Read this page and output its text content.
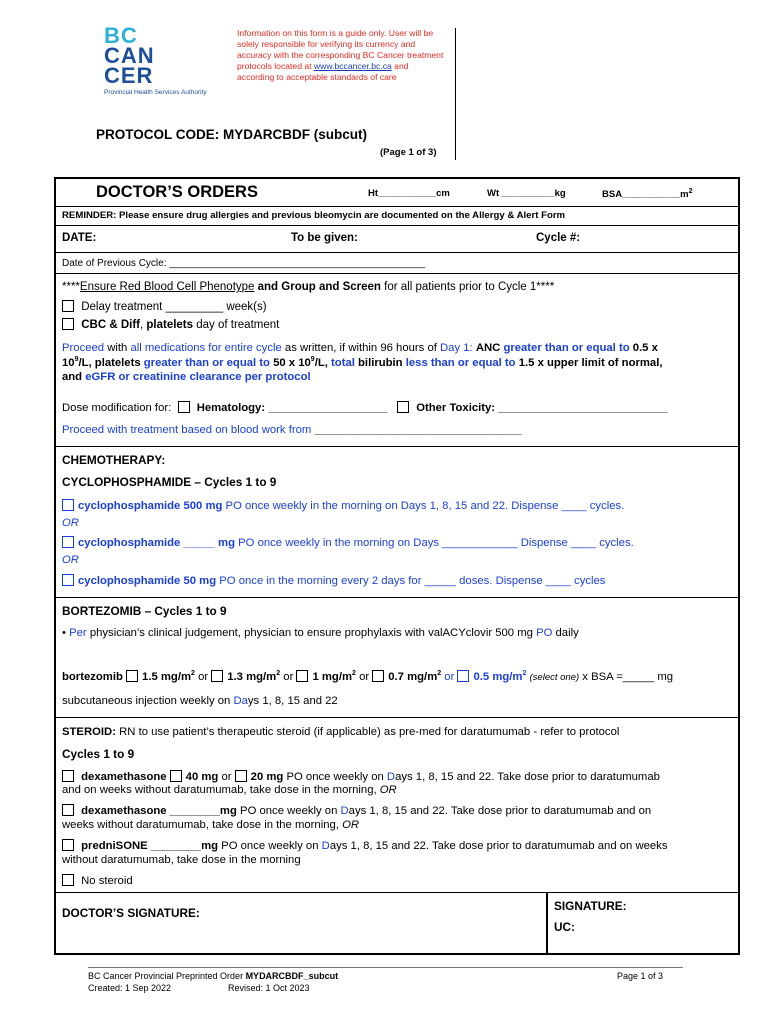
BC
CAN
CER
Provincial Health Services Authority
Information on this form is a guide only. User will be solely responsible for verifying its currency and accuracy with the corresponding BC Cancer treatment protocols located at www.bccancer.bc.ca and according to acceptable standards of care
PROTOCOL CODE: MYDARCBDF (subcut)
(Page 1 of 3)
DOCTOR’S ORDERS	Ht___________cm	Wt __________kg	$BSA\_\_\_\_\_\_\_\_\_\_\_m^2$
REMINDER: Please ensure drug allergies and previous bleomycin are documented on the Allergy & Alert Form
DATE:	To be given:	Cycle #:
Date of Previous Cycle: ______________________________________________
****Ensure Red Blood Cell Phenotype and Group and Screen for all patients prior to Cycle 1****
Delay treatment _________ week(s)
CBC & Diff, platelets day of treatment
Proceed with all medications for entire cycle as written, if within 96 hours of Day 1: ANC greater than or equal to 0.5 x
$10^9/L$, platelets greater than or equal to 50 x $10^9/L$, total bilirubin less than or equal to 1.5 x upper limit of normal,
and eGFR or creatinine clearance per protocol
Dose modification for: Hematology: ___________________	Other Toxicity: ___________________________
Proceed with treatment based on blood work from _________________________________
CHEMOTHERAPY:
CYCLOPHOSPHAMIDE – Cycles 1 to 9
cyclophosphamide 500 mg PO once weekly in the morning on Days 1, 8, 15 and 22. Dispense ____ cycles.
OR
cyclophosphamide _____ mg PO once weekly in the morning on Days ____________ Dispense ____ cycles.
OR
cyclophosphamide 50 mg PO once in the morning every 2 days for _____ doses. Dispense ____ cycles
BORTEZOMIB – Cycles 1 to 9
• Per physician’s clinical judgement, physician to ensure prophylaxis with valACYclovir 500 mg PO daily
bortezomib 1.5 $mg/m^2$ or 1.3 $mg/m^2$ or 1 $mg/m^2$ or 0.7 $mg/m^2$ or 0.5 $mg/m^2$ (select one) x BSA =_____ mg
subcutaneous injection weekly on Days 1, 8, 15 and 22
STEROID: RN to use patient’s therapeutic steroid (if applicable) as pre-med for daratumumab - refer to protocol
Cycles 1 to 9
dexamethasone 40 mg or 20 mg PO once weekly on Days 1, 8, 15 and 22. Take dose prior to daratumumab
and on weeks without daratumumab, take dose in the morning, OR
dexamethasone ________mg PO once weekly on Days 1, 8, 15 and 22. Take dose prior to daratumumab and on
weeks without daratumumab, take dose in the morning, OR
predniSONE ________mg PO once weekly on Days 1, 8, 15 and 22. Take dose prior to daratumumab and on weeks
without daratumumab, take dose in the morning
No steroid
DOCTOR’S SIGNATURE:	SIGNATURE:
UC:
BC Cancer Provincial Preprinted Order MYDARCBDF_subcut
Created: 1 Sep 2022	Revised: 1 Oct 2023
Page 1 of 3
